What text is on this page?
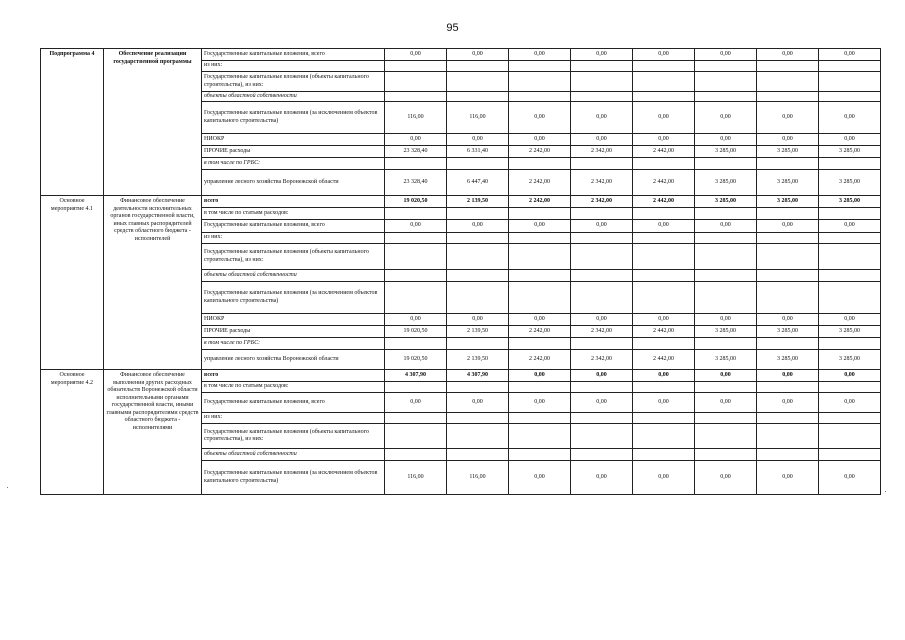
95
Подпрограмма 4	Обеспечение реализации государственной программы	Государственные капитальные вложения, всего	0,00	0,00	0,00	0,00	0,00	0,00	0,00	0,00
		из них:								
		Государственные капитальные вложения (объекты капитального строительства), из них:								
		объекты областной собственности								
		Государственные капитальные вложения (за исключением объектов капитального строительства)	116,00	116,00	0,00	0,00	0,00	0,00	0,00	0,00
		НИОКР	0,00	0,00	0,00	0,00	0,00	0,00	0,00	0,00
		ПРОЧИЕ расходы	23 328,40	6 331,40	2 242,00	2 342,00	2 442,00	3 285,00	3 285,00	3 285,00
		в том числе по ГРБС:								
		управление лесного хозяйства Воронежской области	23 328,40	6 447,40	2 242,00	2 342,00	2 442,00	3 285,00	3 285,00	3 285,00
Основное мероприятие 4.1	Финансовое обеспечение деятельности исполнительных органов государственной власти, иных главных распорядителей средств областного бюджета - исполнителей	всего	19 020,50	2 139,50	2 242,00	2 342,00	2 442,00	3 285,00	3 285,00	3 285,00
		в том числе по статьям расходов:								
		Государственные капитальные вложения, всего	0,00	0,00	0,00	0,00	0,00	0,00	0,00	0,00
		из них:								
		Государственные капитальные вложения (объекты капитального строительства), из них:								
		объекты областной собственности								
		Государственные капитальные вложения (за исключением объектов капитального строительства)								
		НИОКР	0,00	0,00	0,00	0,00	0,00	0,00	0,00	0,00
		ПРОЧИЕ расходы	19 020,50	2 139,50	2 242,00	2 342,00	2 442,00	3 285,00	3 285,00	3 285,00
		в том числе по ГРБС:								
		управление лесного хозяйства Воронежской области	19 020,50	2 139,50	2 242,00	2 342,00	2 442,00	3 285,00	3 285,00	3 285,00
Основное мероприятие 4.2	Финансовое обеспечение выполнения других расходных обязательств Воронежской области исполнительными органами государственной власти, иными главными распорядителями средств областного бюджета - исполнителями	всего	4 307,90	4 307,90	0,00	0,00	0,00	0,00	0,00	0,00
		в том числе по статьям расходов:								
		Государственные капитальные вложения, всего	0,00	0,00	0,00	0,00	0,00	0,00	0,00	0,00
		из них:								
		Государственные капитальные вложения (объекты капитального строительства), из них:								
		объекты областной собственности								
		Государственные капитальные вложения (за исключением объектов капитального строительства)	116,00	116,00	0,00	0,00	0,00	0,00	0,00	0,00
